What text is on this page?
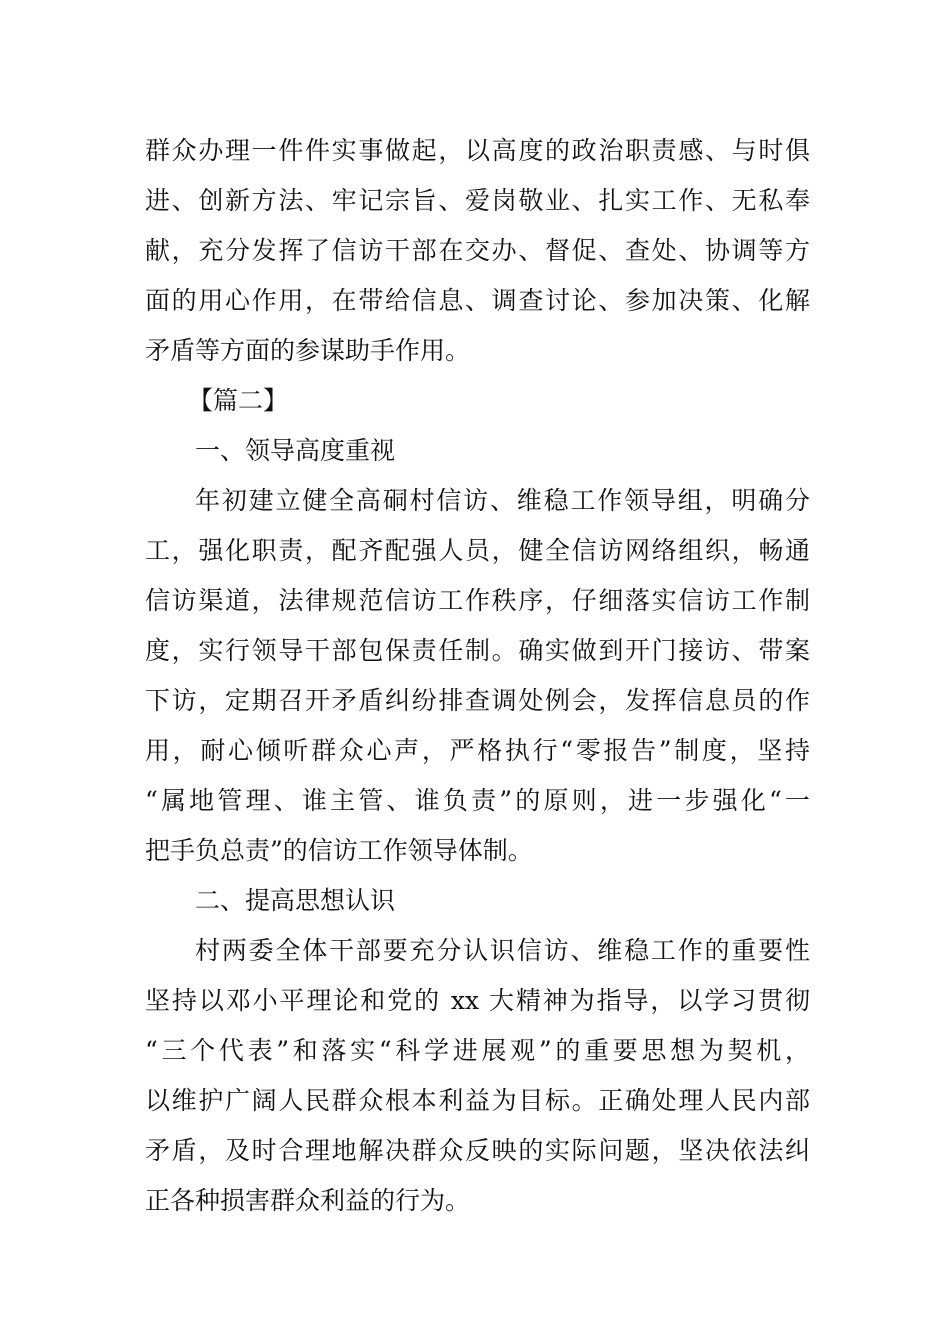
群众办理一件件实事做起，以高度的政治职责感、与时俱
进、创新方法、牢记宗旨、爱岗敬业、扎实工作、无私奉
献，充分发挥了信访干部在交办、督促、查处、协调等方
面的用心作用，在带给信息、调查讨论、参加决策、化解
矛盾等方面的参谋助手作用。
【篇二】
一、领导高度重视
年初建立健全高硐村信访、维稳工作领导组，明确分
工，强化职责，配齐配强人员，健全信访网络组织，畅通
信访渠道，法律规范信访工作秩序，仔细落实信访工作制
度，实行领导干部包保责任制。确实做到开门接访、带案
下访，定期召开矛盾纠纷排查调处例会，发挥信息员的作
用，耐心倾听群众心声，严格执行“零报告”制度，坚持
“属地管理、谁主管、谁负责”的原则，进一步强化“一
把手负总责”的信访工作领导体制。
二、提高思想认识
村两委全体干部要充分认识信访、维稳工作的重要性
坚持以邓小平理论和党的 xx 大精神为指导，以学习贯彻
“三个代表”和落实“科学进展观”的重要思想为契机，
以维护广阔人民群众根本利益为目标。正确处理人民内部
矛盾，及时合理地解决群众反映的实际问题，坚决依法纠
正各种损害群众利益的行为。
